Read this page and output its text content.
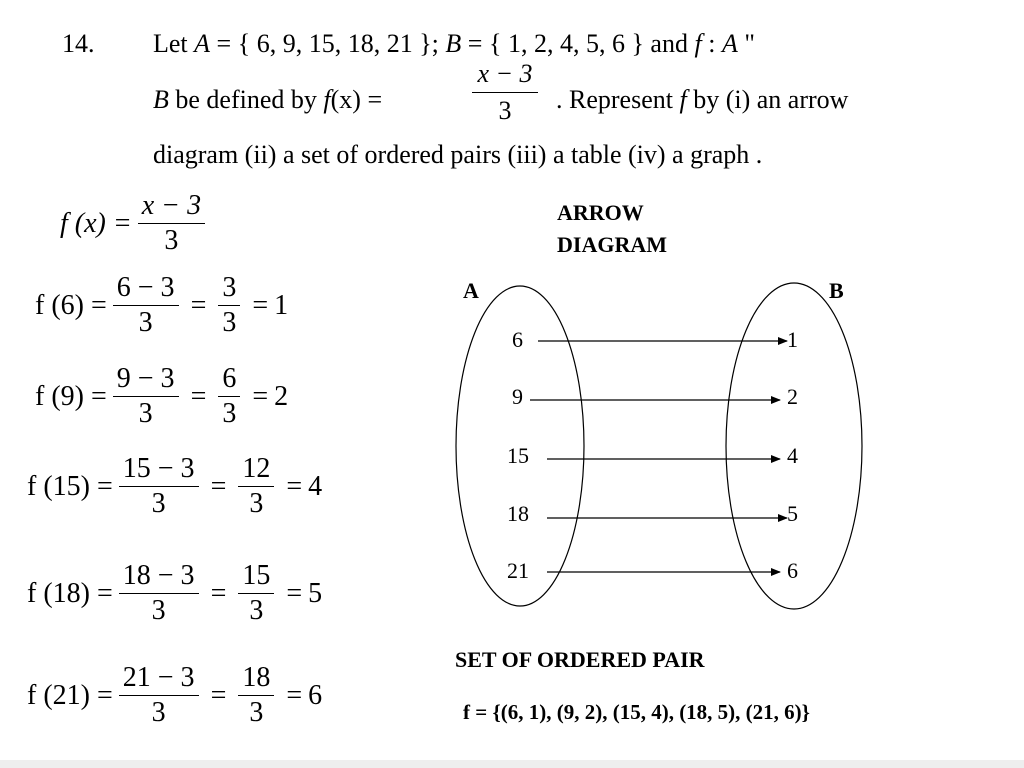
14. Let A = { 6, 9, 15, 18, 21 }; B = { 1, 2, 4, 5, 6 } and f : A "
B be defined by f(x) =
x − 3
3	. Represent f by (i) an arrow
diagram (ii) a set of ordered pairs (iii) a table (iv) a graph .
f $(x) = \frac{x - 3}{3}$
f $(6) = \frac{6 - 3}{3} = \frac{3}{3} = 1$
f $(9) = \frac{9 - 3}{3} = \frac{6}{3} = 2$
f $(15) = \frac{15 - 3}{3} = \frac{12}{3} = 4$
f $(18) = \frac{18 - 3}{3} = \frac{15}{3} = 5$
f $(21) = \frac{21 - 3}{3} = \frac{18}{3} = 6$
ARROW
DIAGRAM
A	B
6
9
15
18
21
1
2
4
5
6
SET OF ORDERED PAIR
f = {(6, 1), (9, 2), (15, 4), (18, 5), (21, 6)}
